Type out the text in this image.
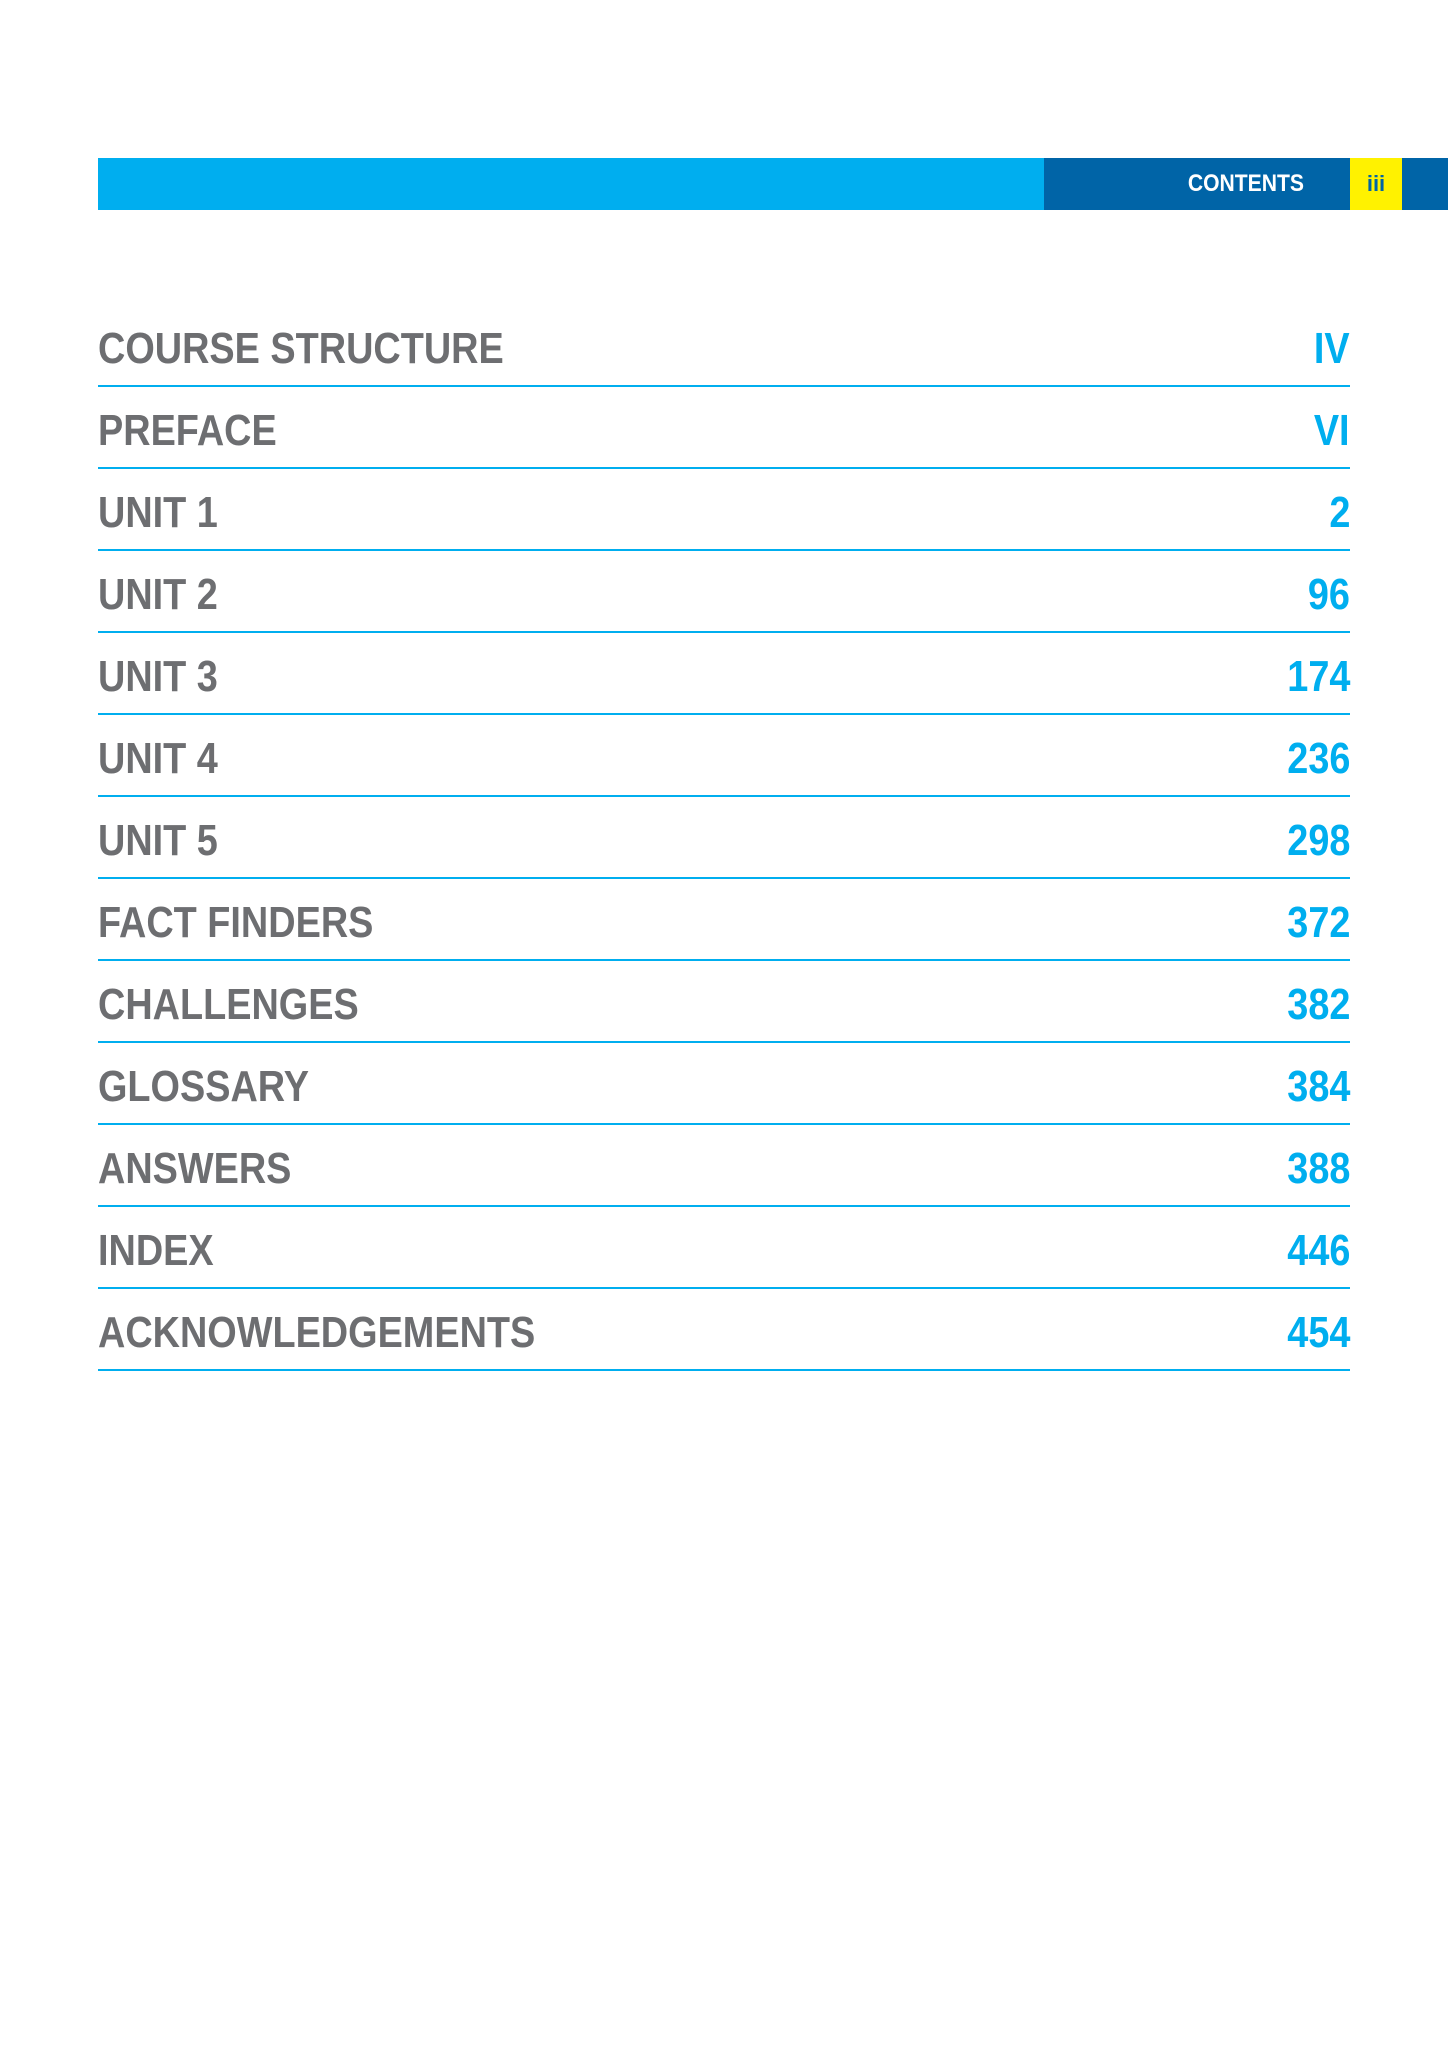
CONTENTS	iii
COURSE STRUCTURE	IV
PREFACE	VI
UNIT 1	2
UNIT 2	96
UNIT 3	174
UNIT 4	236
UNIT 5	298
FACT FINDERS	372
CHALLENGES	382
GLOSSARY	384
ANSWERS	388
INDEX	446
ACKNOWLEDGEMENTS	454
